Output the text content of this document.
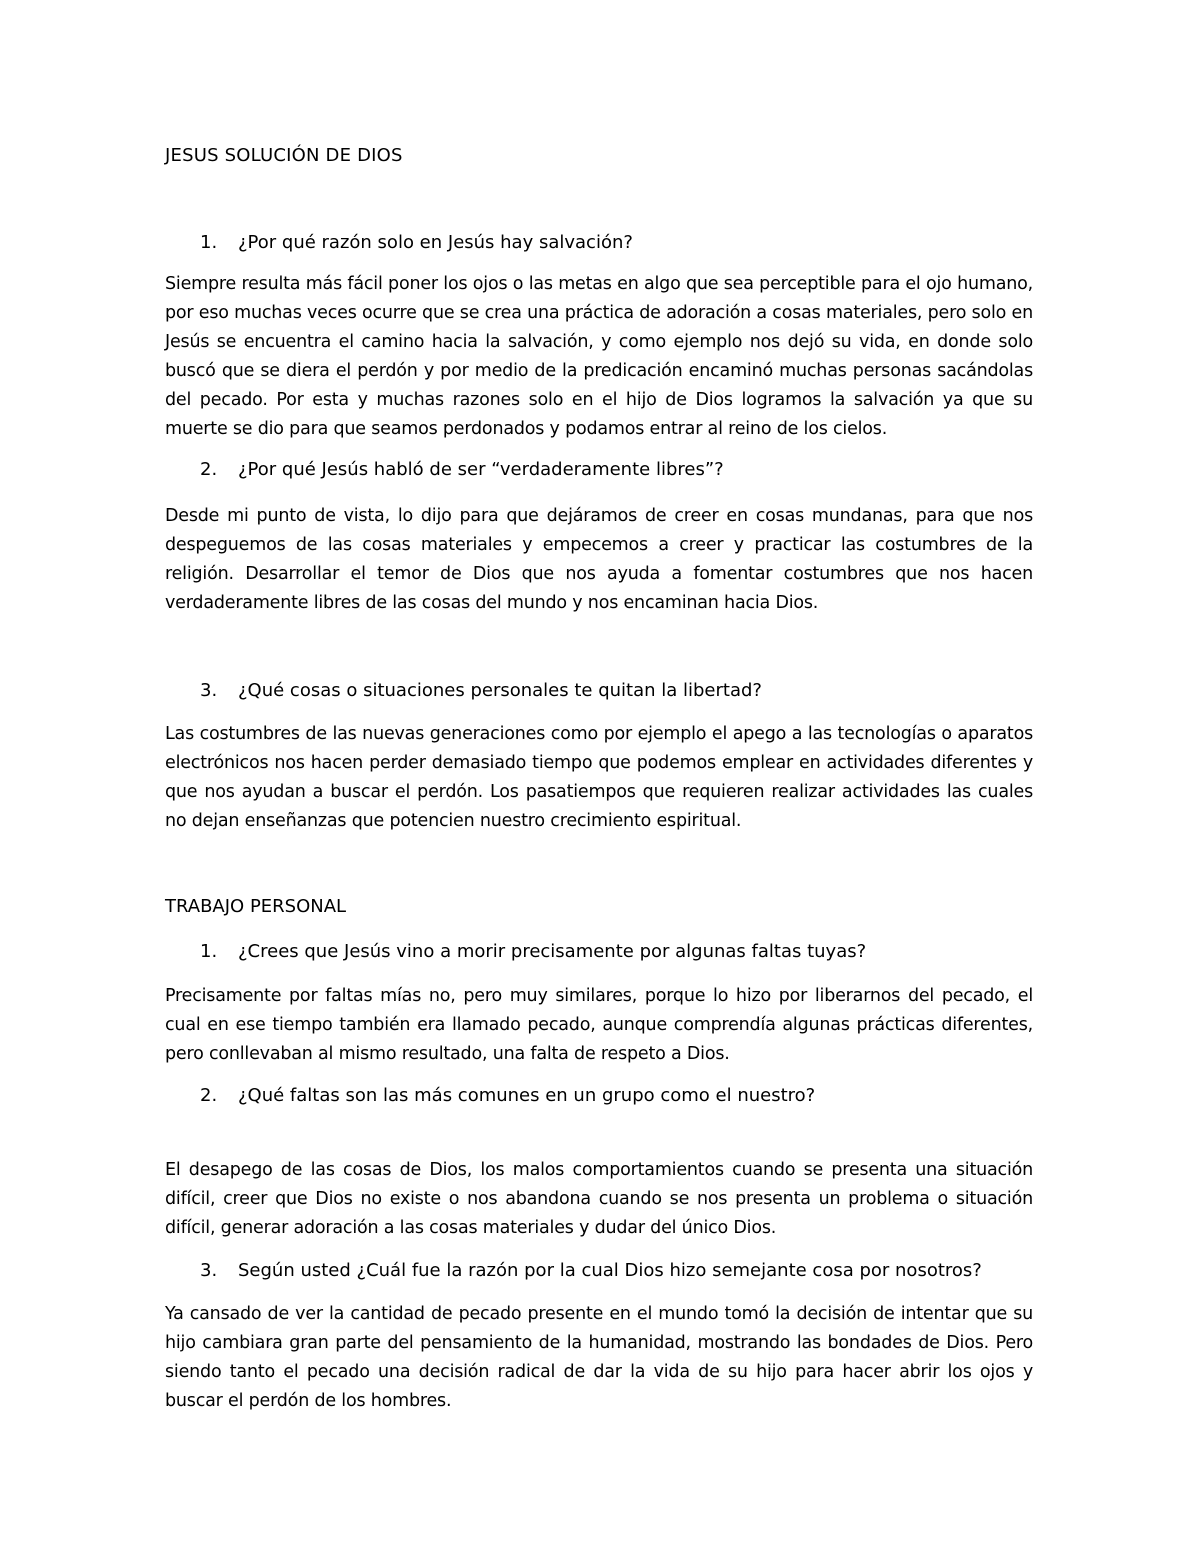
JESUS SOLUCIÓN DE DIOS
1. ¿Por qué razón solo en Jesús hay salvación?
Siempre resulta más fácil poner los ojos o las metas en algo que sea perceptible para el ojo humano, por eso muchas veces ocurre que se crea una práctica de adoración a cosas materiales, pero solo en Jesús se encuentra el camino hacia la salvación, y como ejemplo nos dejó su vida, en donde solo buscó que se diera el perdón y por medio de la predicación encaminó muchas personas sacándolas del pecado. Por esta y muchas razones solo en el hijo de Dios logramos la salvación ya que su muerte se dio para que seamos perdonados y podamos entrar al reino de los cielos.
2. ¿Por qué Jesús habló de ser “verdaderamente libres”?
Desde mi punto de vista, lo dijo para que dejáramos de creer en cosas mundanas, para que nos despeguemos de las cosas materiales y empecemos a creer y practicar las costumbres de la religión. Desarrollar el temor de Dios que nos ayuda a fomentar costumbres que nos hacen verdaderamente libres de las cosas del mundo y nos encaminan hacia Dios.
3. ¿Qué cosas o situaciones personales te quitan la libertad?
Las costumbres de las nuevas generaciones como por ejemplo el apego a las tecnologías o aparatos electrónicos nos hacen perder demasiado tiempo que podemos emplear en actividades diferentes y que nos ayudan a buscar el perdón. Los pasatiempos que requieren realizar actividades las cuales no dejan enseñanzas que potencien nuestro crecimiento espiritual.
TRABAJO PERSONAL
1. ¿Crees que Jesús vino a morir precisamente por algunas faltas tuyas?
Precisamente por faltas mías no, pero muy similares, porque lo hizo por liberarnos del pecado, el cual en ese tiempo también era llamado pecado, aunque comprendía algunas prácticas diferentes, pero conllevaban al mismo resultado, una falta de respeto a Dios.
2. ¿Qué faltas son las más comunes en un grupo como el nuestro?
El desapego de las cosas de Dios, los malos comportamientos cuando se presenta una situación difícil, creer que Dios no existe o nos abandona cuando se nos presenta un problema o situación difícil, generar adoración a las cosas materiales y dudar del único Dios.
3. Según usted ¿Cuál fue la razón por la cual Dios hizo semejante cosa por nosotros?
Ya cansado de ver la cantidad de pecado presente en el mundo tomó la decisión de intentar que su hijo cambiara gran parte del pensamiento de la humanidad, mostrando las bondades de Dios. Pero siendo tanto el pecado una decisión radical de dar la vida de su hijo para hacer abrir los ojos y buscar el perdón de los hombres.
